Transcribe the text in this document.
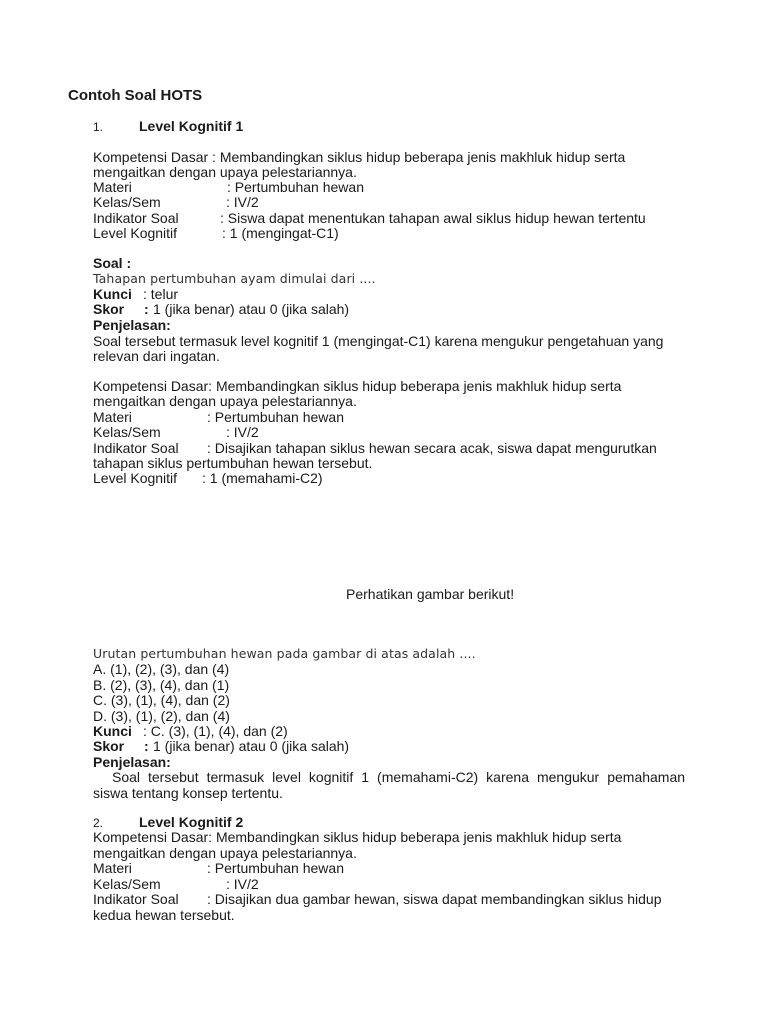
Contoh Soal HOTS
1.	Level Kognitif 1
Kompetensi Dasar : Membandingkan siklus hidup beberapa jenis makhluk hidup serta
mengaitkan dengan upaya pelestariannya.
Materi	: Pertumbuhan hewan
Kelas/Sem	: IV/2
Indikator Soal	: Siswa dapat menentukan tahapan awal siklus hidup hewan tertentu
Level Kognitif	: 1 (mengingat-C1)
Soal :
Tahapan pertumbuhan ayam dimulai dari ....
Kunci : telur
Skor : 1 (jika benar) atau 0 (jika salah)
Penjelasan:
Soal tersebut termasuk level kognitif 1 (mengingat-C1) karena mengukur pengetahuan yang
relevan dari ingatan.
Kompetensi Dasar: Membandingkan siklus hidup beberapa jenis makhluk hidup serta
mengaitkan dengan upaya pelestariannya.
Materi	: Pertumbuhan hewan
Kelas/Sem	: IV/2
Indikator Soal : Disajikan tahapan siklus hewan secara acak, siswa dapat mengurutkan
tahapan siklus pertumbuhan hewan tersebut.
Level Kognitif : 1 (memahami-C2)
Perhatikan gambar berikut!
Urutan pertumbuhan hewan pada gambar di atas adalah ....
A. (1), (2), (3), dan (4)
B. (2), (3), (4), dan (1)
C. (3), (1), (4), dan (2)
D. (3), (1), (2), dan (4)
Kunci : C. (3), (1), (4), dan (2)
Skor : 1 (jika benar) atau 0 (jika salah)
Penjelasan:
Soal tersebut termasuk level kognitif 1 (memahami-C2) karena mengukur pemahaman
siswa tentang konsep tertentu.
2.	Level Kognitif 2
Kompetensi Dasar: Membandingkan siklus hidup beberapa jenis makhluk hidup serta
mengaitkan dengan upaya pelestariannya.
Materi	: Pertumbuhan hewan
Kelas/Sem	: IV/2
Indikator Soal : Disajikan dua gambar hewan, siswa dapat membandingkan siklus hidup
kedua hewan tersebut.
